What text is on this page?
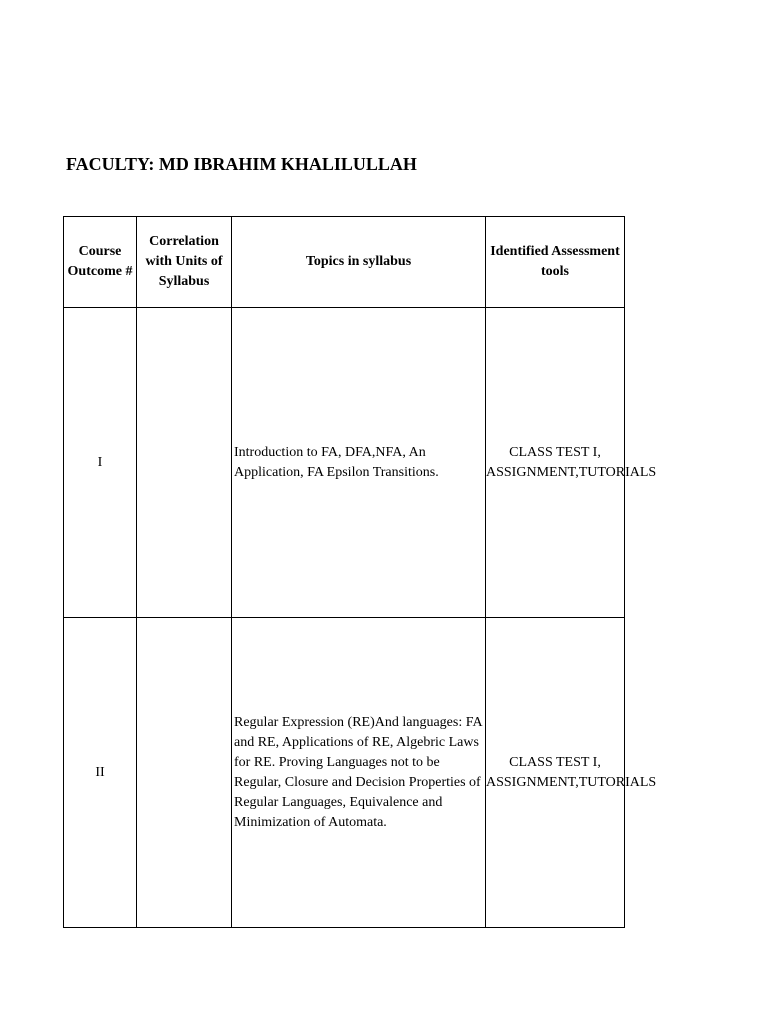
FACULTY: MD IBRAHIM KHALILULLAH
Course Outcome #	Correlation with Units of Syllabus	Topics in syllabus	Identified Assessment tools

I		Introduction to FA, DFA,NFA, An Application, FA Epsilon Transitions.	CLASS TEST I, ASSIGNMENT,TUTORIALS

II		Regular Expression (RE)And languages: FA and RE, Applications of RE, Algebric Laws for RE. Proving Languages not to be Regular, Closure and Decision Properties of Regular Languages, Equivalence and Minimization of Automata.	CLASS TEST I, ASSIGNMENT,TUTORIALS
